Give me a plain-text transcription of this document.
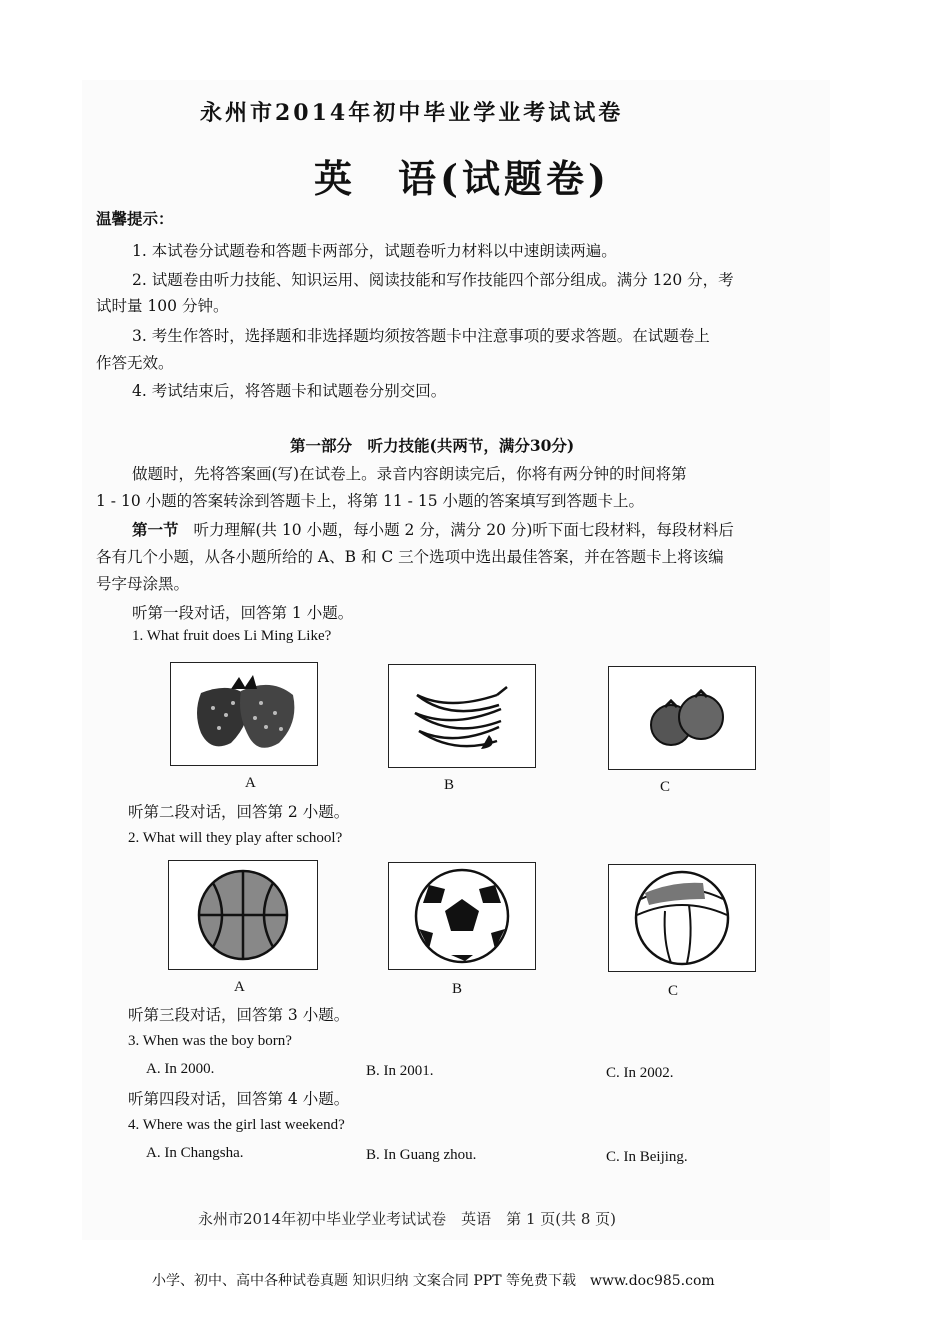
永州市2014年初中毕业学业考试试卷
英　语(试题卷)
温馨提示：
1. 本试卷分试题卷和答题卡两部分，试题卷听力材料以中速朗读两遍。
2. 试题卷由听力技能、知识运用、阅读技能和写作技能四个部分组成。满分 120 分，考
试时量 100 分钟。
3. 考生作答时，选择题和非选择题均须按答题卡中注意事项的要求答题。在试题卷上
作答无效。
4. 考试结束后，将答题卡和试题卷分别交回。
第一部分　听力技能(共两节，满分30分)
做题时，先将答案画(写)在试卷上。录音内容朗读完后，你将有两分钟的时间将第
1 - 10 小题的答案转涂到答题卡上，将第 11 - 15 小题的答案填写到答题卡上。
第一节 听力理解(共 10 小题，每小题 2 分，满分 20 分)听下面七段材料，每段材料后
各有几个小题，从各小题所给的 A、B 和 C 三个选项中选出最佳答案，并在答题卡上将该编
号字母涂黑。
听第一段对话，回答第 1 小题。
1. What fruit does Li Ming Like?
A	B	C
听第二段对话，回答第 2 小题。
2. What will they play after school?
A	B	C
听第三段对话，回答第 3 小题。
3. When was the boy born?
A. In 2000.	B. In 2001.	C. In 2002.
听第四段对话，回答第 4 小题。
4. Where was the girl last weekend?
A. In Changsha.	B. In Guang zhou.	C. In Beijing.
永州市2014年初中毕业学业考试试卷　英语　第 1 页(共 8 页)
小学、初中、高中各种试卷真题 知识归纳 文案合同 PPT 等免费下载　www.doc985.com
